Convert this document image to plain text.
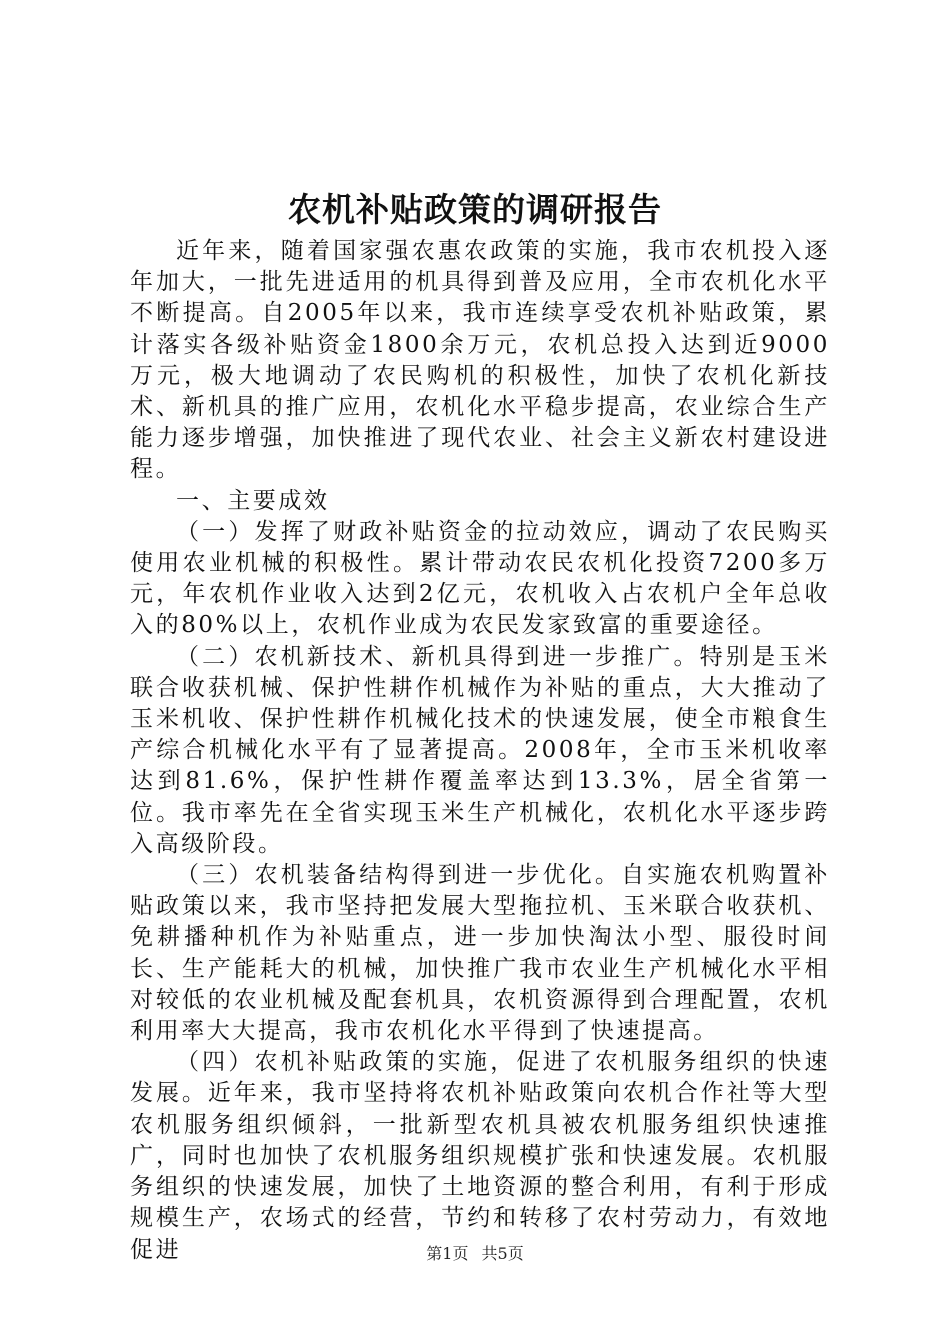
农机补贴政策的调研报告

近年来，随着国家强农惠农政策的实施，我市农机投入逐年加大，一批先进适用的机具得到普及应用，全市农机化水平不断提高。自2005年以来，我市连续享受农机补贴政策，累计落实各级补贴资金1800余万元，农机总投入达到近9000万元，极大地调动了农民购机的积极性，加快了农机化新技术、新机具的推广应用，农机化水平稳步提高，农业综合生产能力逐步增强，加快推进了现代农业、社会主义新农村建设进程。

一、主要成效

（一）发挥了财政补贴资金的拉动效应，调动了农民购买使用农业机械的积极性。累计带动农民农机化投资7200多万元，年农机作业收入达到2亿元，农机收入占农机户全年总收入的80%以上，农机作业成为农民发家致富的重要途径。

（二）农机新技术、新机具得到进一步推广。特别是玉米联合收获机械、保护性耕作机械作为补贴的重点，大大推动了玉米机收、保护性耕作机械化技术的快速发展，使全市粮食生产综合机械化水平有了显著提高。2008年，全市玉米机收率达到81.6%，保护性耕作覆盖率达到13.3%，居全省第一位。我市率先在全省实现玉米生产机械化，农机化水平逐步跨入高级阶段。

（三）农机装备结构得到进一步优化。自实施农机购置补贴政策以来，我市坚持把发展大型拖拉机、玉米联合收获机、免耕播种机作为补贴重点，进一步加快淘汰小型、服役时间长、生产能耗大的机械，加快推广我市农业生产机械化水平相对较低的农业机械及配套机具，农机资源得到合理配置，农机利用率大大提高，我市农机化水平得到了快速提高。

（四）农机补贴政策的实施，促进了农机服务组织的快速发展。近年来，我市坚持将农机补贴政策向农机合作社等大型农机服务组织倾斜，一批新型农机具被农机服务组织快速推广，同时也加快了农机服务组织规模扩张和快速发展。农机服务组织的快速发展，加快了土地资源的整合利用，有利于形成规模生产，农场式的经营，节约和转移了农村劳动力，有效地促进	第1页 共5页
